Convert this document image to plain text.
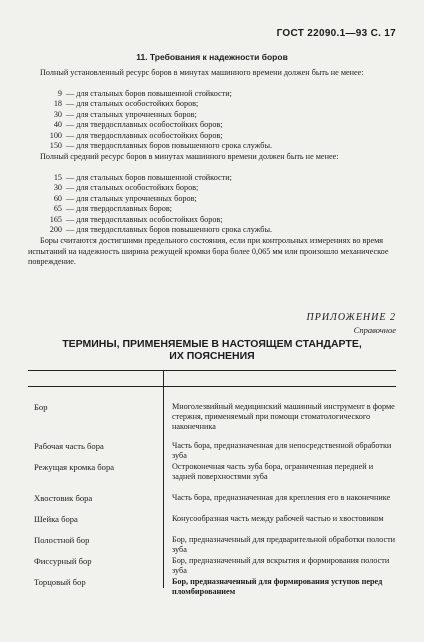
ГОСТ 22090.1—93 С. 17
11. Требования к надежности боров
Полный установленный ресурс боров в минутах машинного времени должен быть не менее:
9 — для стальных боров повышенной стойкости;
18 — для стальных особостойких боров;
30 — для стальных упрочненных боров;
40 — для твердосплавных особостойких боров;
100 — для твердосплавных особостойких боров;
150 — для твердосплавных боров повышенного срока службы.
Полный средний ресурс боров в минутах машинного времени должен быть не менее:
15 — для стальных боров повышенной стойкости;
30 — для стальных особостойких боров;
60 — для стальных упрочненных боров;
65 — для твердосплавных боров;
165 — для твердосплавных особостойких боров;
200 — для твердосплавных боров повышенного срока службы.
Боры считаются достигшими предельного состояния, если при контрольных измерениях во время испытаний на надежность ширина режущей кромки бора более 0,065 мм или произошло механическое повреждение.
ПРИЛОЖЕНИЕ 2
Справочное
ТЕРМИНЫ, ПРИМЕНЯЕМЫЕ В НАСТОЯЩЕМ СТАНДАРТЕ,
ИХ ПОЯСНЕНИЯ
Бор	Многолезвийный медицинский машинный инструмент в форме стержня, применяемый при помощи стоматологического наконечника
Рабочая часть бора	Часть бора, предназначенная для непосредственной обработки зуба
Режущая кромка бора	Остроконечная часть зуба бора, ограниченная передней и задней поверхностями зуба
Хвостовик бора	Часть бора, предназначенная для крепления его в наконечнике
Шейка бора	Конусообразная часть между рабочей частью и хвостовиком
Полостной бор	Бор, предназначенный для предварительной обработки полости зуба
Фиссурный бор	Бор, предназначенный для вскрытия и формирования полости зуба
Торцовый бор	Бор, предназначенный для формирования уступов перед пломбированием
